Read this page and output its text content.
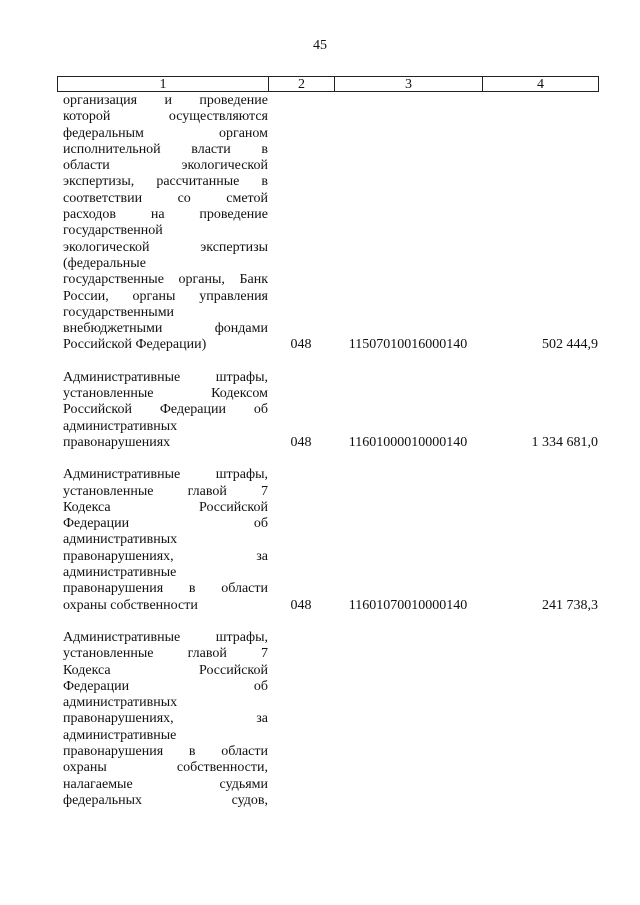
45
1	2	3	4
организация и проведение
которой осуществляются
федеральным органом
исполнительной власти в
области экологической
экспертизы, рассчитанные в
соответствии со сметой
расходов на проведение
государственной
экологической экспертизы
(федеральные
государственные органы, Банк
России, органы управления
государственными
внебюджетными фондами
Российской Федерации)	048	11507010016000140	502 444,9
Административные штрафы,
установленные Кодексом
Российской Федерации об
административных
правонарушениях	048	11601000010000140	1 334 681,0
Административные штрафы,
установленные главой 7
Кодекса Российской
Федерации об
административных
правонарушениях, за
административные
правонарушения в области
охраны собственности	048	11601070010000140	241 738,3
Административные штрафы,
установленные главой 7
Кодекса Российской
Федерации об
административных
правонарушениях, за
административные
правонарушения в области
охраны собственности,
налагаемые судьями
федеральных судов,
